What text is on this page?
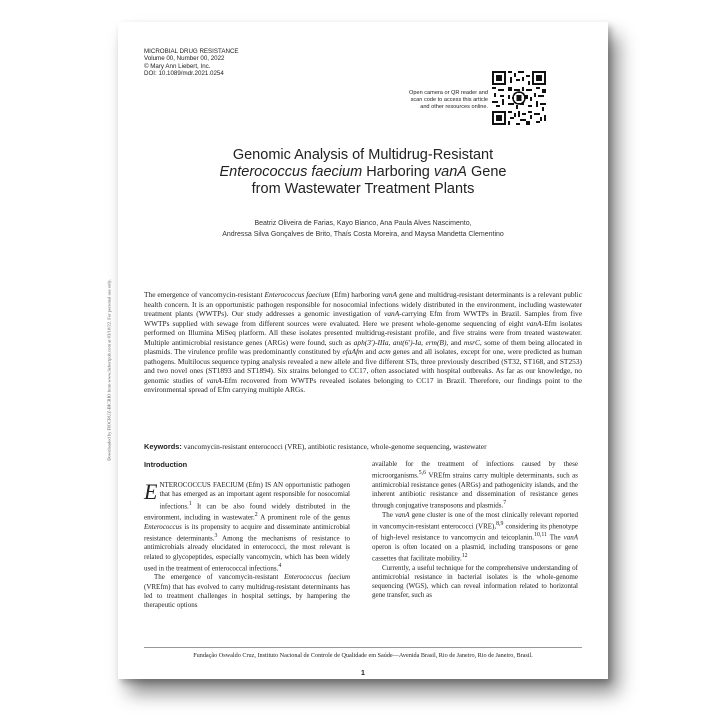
MICROBIAL DRUG RESISTANCE
Volume 00, Number 00, 2022
© Mary Ann Liebert, Inc.
DOI: 10.1089/mdr.2021.0254
Open camera or QR reader and
scan code to access this article
and other resources online.
Genomic Analysis of Multidrug-Resistant
Enterococcus faecium Harboring vanA Gene
from Wastewater Treatment Plants
Beatriz Oliveira de Farias, Kayo Bianco, Ana Paula Alves Nascimento,
Andressa Silva Gonçalves de Brito, Thaís Costa Moreira, and Maysa Mandetta Clementino
Downloaded by FIOCRUZ-BICRIO from www.liebertpub.com at 03/10/22. For personal use only.	The emergence of vancomycin-resistant Enterococcus faecium (Efm) harboring vanA gene and multidrug-resistant determinants is a relevant public health concern. It is an opportunistic pathogen responsible for nosocomial infections widely distributed in the environment, including wastewater treatment plants (WWTPs). Our study addresses a genomic investigation of vanA-carrying Efm from WWTPs in Brazil. Samples from five WWTPs supplied with sewage from different sources were evaluated. Here we present whole-genome sequencing of eight vanA-Efm isolates performed on Illumina MiSeq platform. All these isolates presented multidrug-resistant profile, and five strains were from treated wastewater. Multiple antimicrobial resistance genes (ARGs) were found, such as aph(3′)-IIIa, ant(6′)-Ia, erm(B), and msrC, some of them being allocated in plasmids. The virulence profile was predominantly constituted by efaAfm and acm genes and all isolates, except for one, were predicted as human pathogens. Multilocus sequence typing analysis revealed a new allele and five different STs, three previously described (ST32, ST168, and ST253) and two novel ones (ST1893 and ST1894). Six strains belonged to CC17, often associated with hospital outbreaks. As far as our knowledge, no genomic studies of vanA-Efm recovered from WWTPs revealed isolates belonging to CC17 in Brazil. Therefore, our findings point to the environmental spread of Efm carrying multiple ARGs.
Keywords: vancomycin-resistant enterococci (VRE), antibiotic resistance, whole-genome sequencing, wastewater
Introduction

ENTEROCOCCUS FAECIUM (Efm) IS AN opportunistic pathogen that has emerged as an important agent responsible for nosocomial infections.$^1$ It can be also found widely distributed in the environment, including in wastewater.$^2$ A prominent role of the genus Enterococcus is its propensity to acquire and disseminate antimicrobial resistance determinants.$^3$ Among the mechanisms of resistance to antimicrobials already elucidated in enterococci, the most relevant is related to glycopeptides, especially vancomycin, which has been widely used in the treatment of enterococcal infections.$^4$

The emergence of vancomycin-resistant Enterococcus faecium (VREfm) that has evolved to carry multidrug-resistant determinants has led to treatment challenges in hospital settings, by hampering the therapeutic options

available for the treatment of infections caused by these microorganisms.$^{5,6}$ VREfm strains carry multiple determinants, such as antimicrobial resistance genes (ARGs) and pathogenicity islands, and the inherent antibiotic resistance and dissemination of resistance genes through conjugative transposons and plasmids.$^7$

The vanA gene cluster is one of the most clinically relevant reported in vancomycin-resistant enterococci (VRE),$^{8,9}$ considering its phenotype of high-level resistance to vancomycin and teicoplanin.$^{10,11}$ The vanA operon is often located on a plasmid, including transposons or gene cassettes that facilitate mobility.$^{12}$

Currently, a useful technique for the comprehensive understanding of antimicrobial resistance in bacterial isolates is the whole-genome sequencing (WGS), which can reveal information related to horizontal gene transfer, such as

Fundação Oswaldo Cruz, Instituto Nacional de Controle de Qualidade em Saúde—Avenida Brasil, Rio de Janeiro, Rio de Janeiro, Brasil.
1
